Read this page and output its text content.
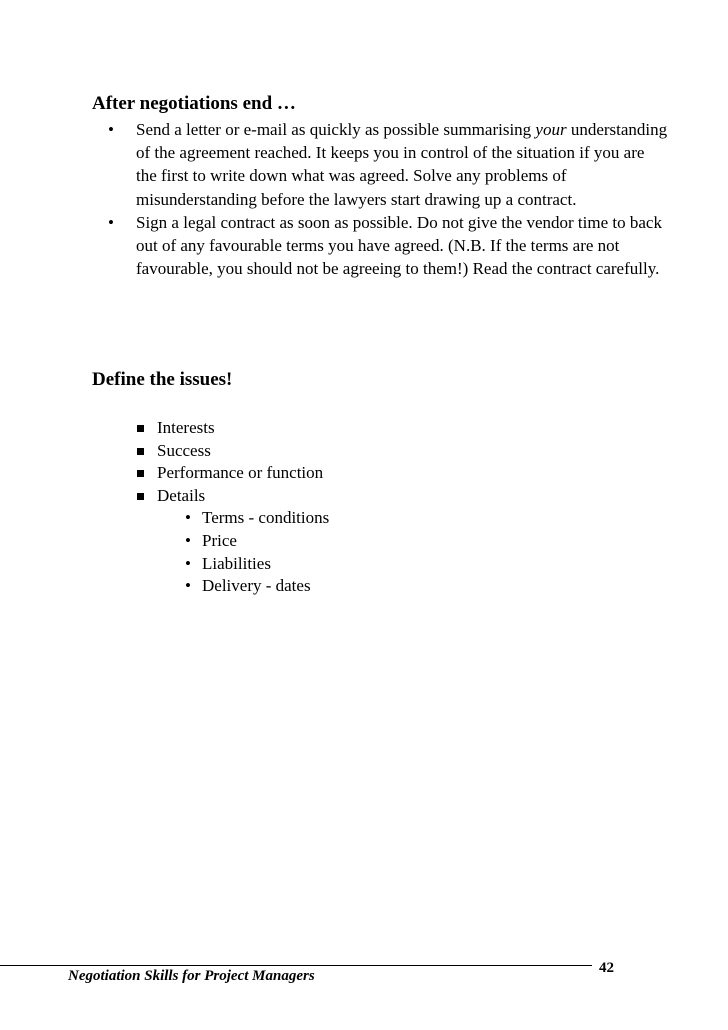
After negotiations end …
•	Send a letter or e-mail as quickly as possible summarising your understanding of the agreement reached. It keeps you in control of the situation if you are the first to write down what was agreed. Solve any problems of misunderstanding before the lawyers start drawing up a contract.
•	Sign a legal contract as soon as possible. Do not give the vendor time to back out of any favourable terms you have agreed. (N.B. If the terms are not favourable, you should not be agreeing to them!) Read the contract carefully.
Define the issues!
Interests
Success
Performance or function
Details
• Terms - conditions
• Price
• Liabilities
• Delivery - dates
Negotiation Skills for Project Managers	42
